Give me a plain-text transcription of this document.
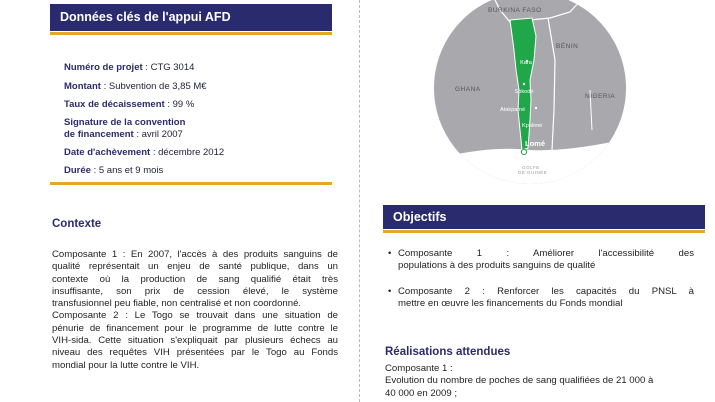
Données clés de l'appui AFD
Numéro de projet : CTG 3014
Montant : Subvention de 3,85 M€
Taux de décaissement : 99 %
Signature de la convention
de financement : avril 2007
Date d'achèvement : décembre 2012
Durée : 5 ans et 9 mois
Contexte
Composante 1 : En 2007, l'accès à des produits sanguins de
qualité représentait un enjeu de santé publique, dans un
contexte où la production de sang qualifié était très
insuffisante, son prix de cession élevé, le système
transfusionnel peu fiable, non centralisé et non coordonné.
Composante 2 : Le Togo se trouvait dans une situation de
pénurie de financement pour le programme de lutte contre le
VIH-sida. Cette situation s'expliquait par plusieurs échecs au
niveau des requêtes VIH présentées par le Togo au Fonds
mondial pour la lutte contre le VIH.
BURKINA FASO
BÉNIN
GHANA
NIGERIA
Kara
Sokodé
Atakpamé
Kpalimé
Lomé
GOLFE
DE GUINÉE
Objectifs
• Composante 1 : Améliorer l'accessibilité des
populations à des produits sanguins de qualité
• Composante 2 : Renforcer les capacités du PNSL à
mettre en œuvre les financements du Fonds mondial
Réalisations attendues
Composante 1 :
Evolution du nombre de poches de sang qualifiées de 21 000 à
40 000 en 2009 ;
